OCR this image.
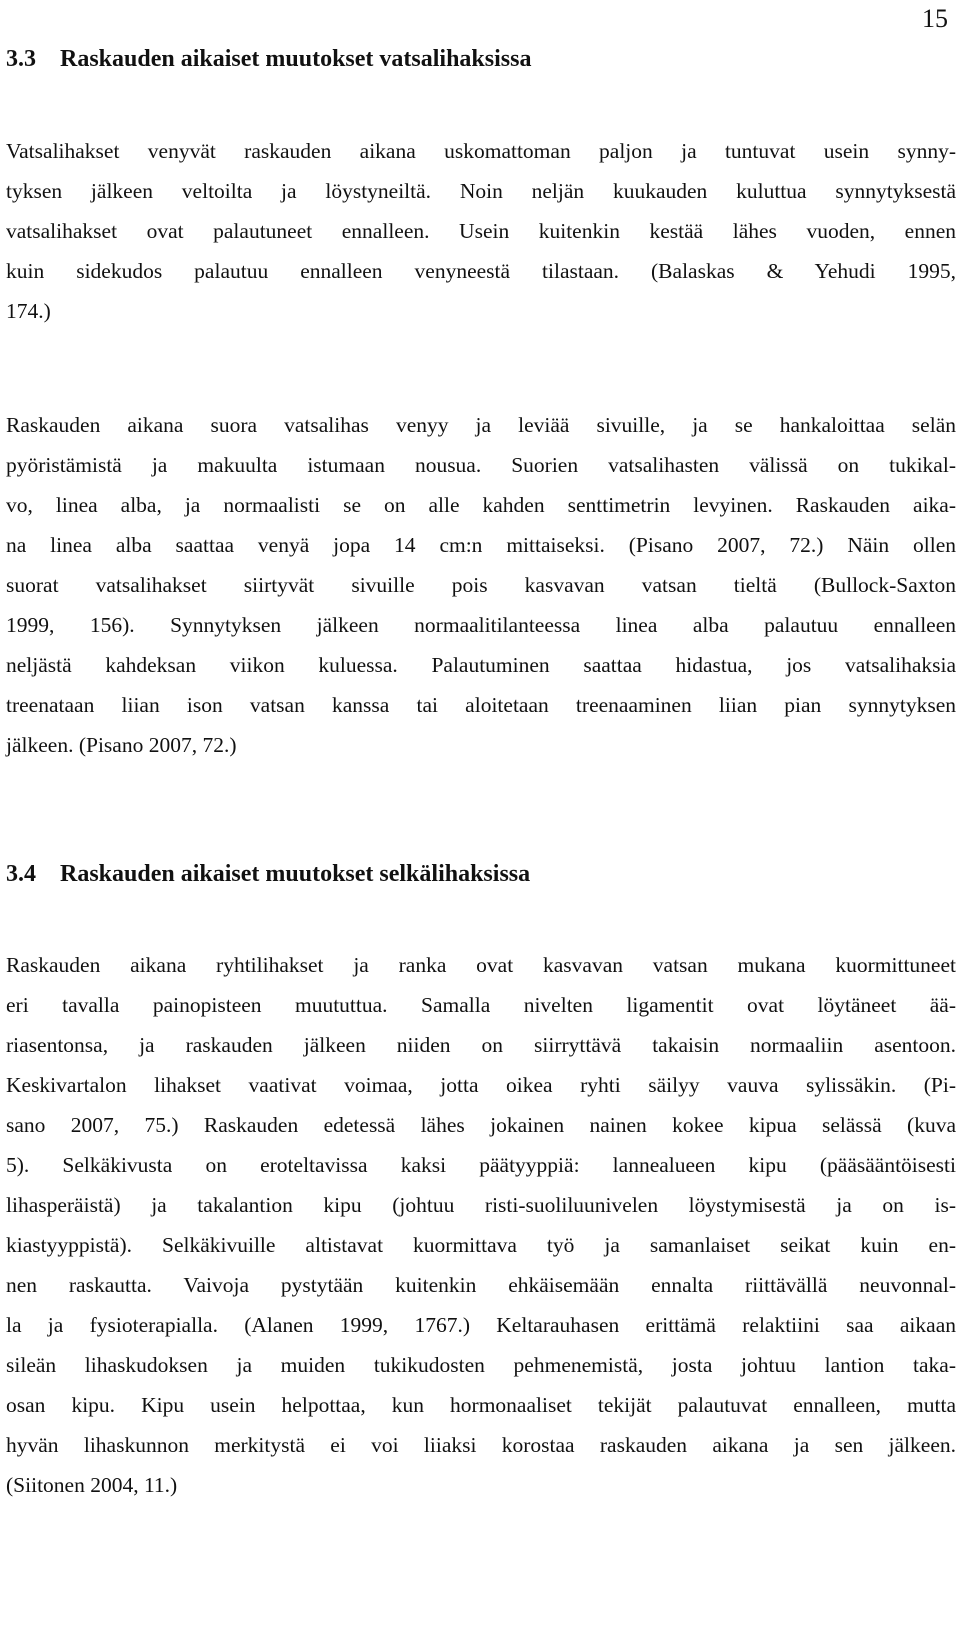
15
3.3 Raskauden aikaiset muutokset vatsalihaksissa
Vatsalihakset venyvät raskauden aikana uskomattoman paljon ja tuntuvat usein synny-
tyksen jälkeen veltoilta ja löystyneiltä. Noin neljän kuukauden kuluttua synnytyksestä
vatsalihakset ovat palautuneet ennalleen. Usein kuitenkin kestää lähes vuoden, ennen
kuin sidekudos palautuu ennalleen venyneestä tilastaan. (Balaskas & Yehudi 1995,
174.)
Raskauden aikana suora vatsalihas venyy ja leviää sivuille, ja se hankaloittaa selän
pyöristämistä ja makuulta istumaan nousua. Suorien vatsalihasten välissä on tukikal-
vo, linea alba, ja normaalisti se on alle kahden senttimetrin levyinen. Raskauden aika-
na linea alba saattaa venyä jopa 14 cm:n mittaiseksi. (Pisano 2007, 72.) Näin ollen
suorat vatsalihakset siirtyvät sivuille pois kasvavan vatsan tieltä (Bullock-Saxton
1999, 156). Synnytyksen jälkeen normaalitilanteessa linea alba palautuu ennalleen
neljästä kahdeksan viikon kuluessa. Palautuminen saattaa hidastua, jos vatsalihaksia
treenataan liian ison vatsan kanssa tai aloitetaan treenaaminen liian pian synnytyksen
jälkeen. (Pisano 2007, 72.)
3.4 Raskauden aikaiset muutokset selkälihaksissa
Raskauden aikana ryhtilihakset ja ranka ovat kasvavan vatsan mukana kuormittuneet
eri tavalla painopisteen muututtua. Samalla nivelten ligamentit ovat löytäneet ää-
riasentonsa, ja raskauden jälkeen niiden on siirryttävä takaisin normaaliin asentoon.
Keskivartalon lihakset vaativat voimaa, jotta oikea ryhti säilyy vauva sylissäkin. (Pi-
sano 2007, 75.) Raskauden edetessä lähes jokainen nainen kokee kipua selässä (kuva
5). Selkäkivusta on eroteltavissa kaksi päätyyppiä: lannealueen kipu (pääsääntöisesti
lihasperäistä) ja takalantion kipu (johtuu risti-suoliluunivelen löystymisestä ja on is-
kiastyyppistä). Selkäkivuille altistavat kuormittava työ ja samanlaiset seikat kuin en-
nen raskautta. Vaivoja pystytään kuitenkin ehkäisemään ennalta riittävällä neuvonnal-
la ja fysioterapialla. (Alanen 1999, 1767.) Keltarauhasen erittämä relaktiini saa aikaan
sileän lihaskudoksen ja muiden tukikudosten pehmenemistä, josta johtuu lantion taka-
osan kipu. Kipu usein helpottaa, kun hormonaaliset tekijät palautuvat ennalleen, mutta
hyvän lihaskunnon merkitystä ei voi liiaksi korostaa raskauden aikana ja sen jälkeen.
(Siitonen 2004, 11.)
